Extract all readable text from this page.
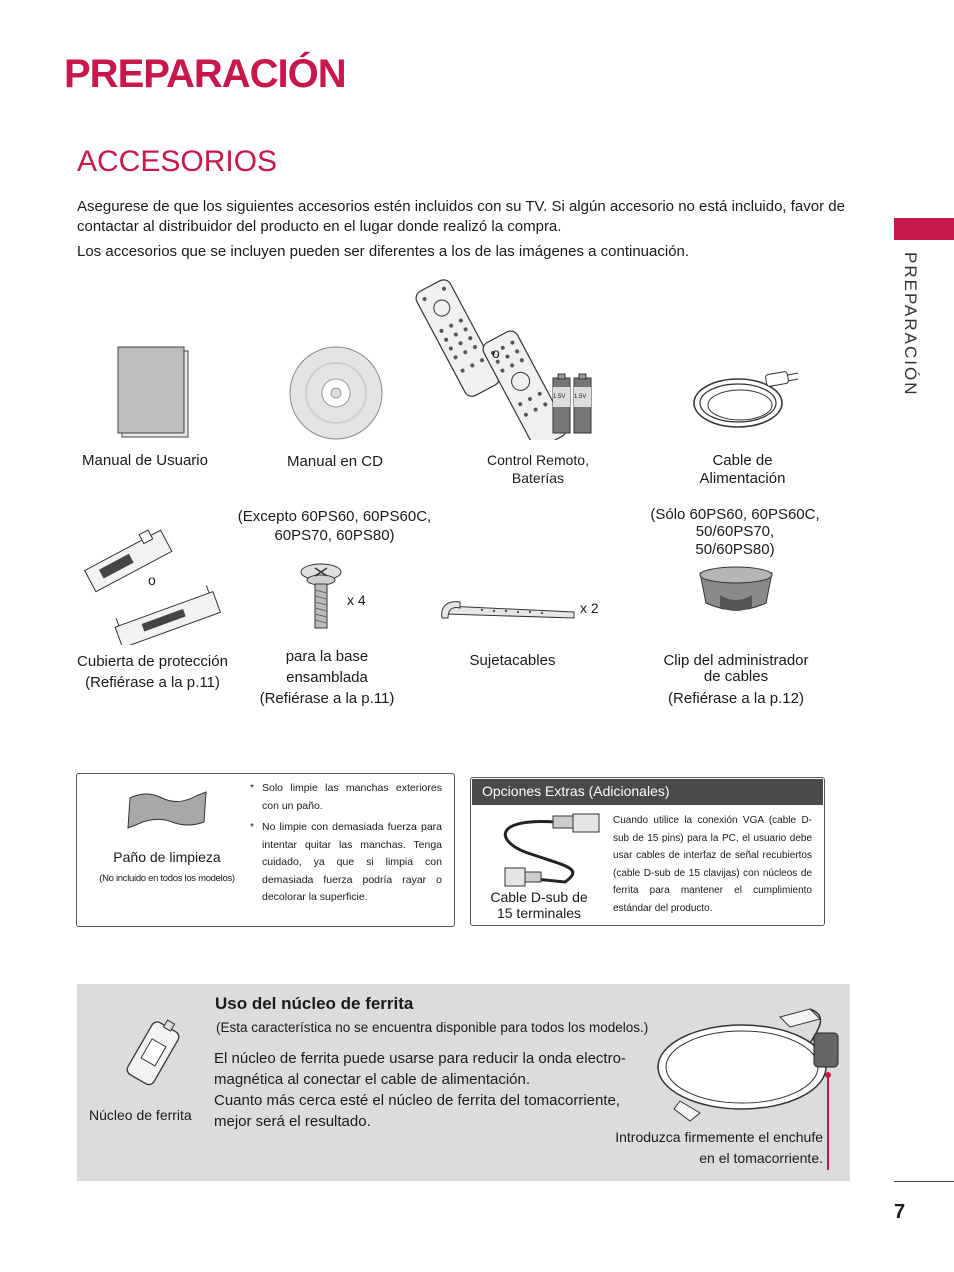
PREPARACIÓN
ACCESORIOS
PREPARACIÓN
Asegurese de que los siguientes accesorios estén incluidos con su TV. Si algún accesorio no está incluido, favor de contactar al distribuidor del producto en el lugar donde realizó la compra.
Los accesorios que se incluyen pueden ser diferentes a los de las imágenes a continuación.
Manual de Usuario	Manual en CD
o
1.5V 1.5V
Control Remoto,
Baterías
Cable de
Alimentación
o
Cubierta de protección
(Refiérase a la p.11)
(Excepto 60PS60, 60PS60C,
60PS70, 60PS80)
x 4
para la base
ensamblada
(Refiérase a la p.11)
x 2
Sujetacables
(Sólo 60PS60, 60PS60C,
50/60PS70,
50/60PS80)
Clip del administrador
de cables
(Refiérase a la p.12)
Paño de limpieza
(No incluido en todos los modelos)
* Solo limpie las manchas exteriores con un paño.
* No limpie con demasiada fuerza para intentar quitar las manchas. Tenga cuidado, ya que si limpia con demasiada fuerza podría rayar o decolorar la superficie.
Opciones Extras (Adicionales)
Cable D-sub de
15 terminales
Cuando utilice la conexión VGA (cable D-sub de 15 pins) para la PC, el usuario debe usar cables de interfaz de señal recubiertos (cable D-sub de 15 clavijas) con núcleos de ferrita para mantener el cumplimiento estándar del producto.
Uso del núcleo de ferrita
(Esta característica no se encuentra disponible para todos los modelos.)
El núcleo de ferrita puede usarse para reducir la onda electro-
magnética al conectar el cable de alimentación.
Cuanto más cerca esté el núcleo de ferrita del tomacorriente,
mejor será el resultado.
Núcleo de ferrita
Introduzca firmemente el enchufe
en el tomacorriente.
7
